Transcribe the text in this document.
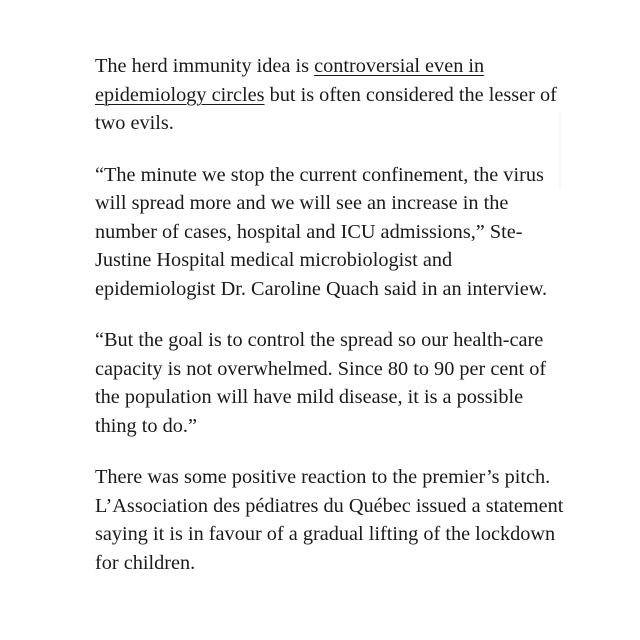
The herd immunity idea is controversial even in epidemiology circles but is often considered the lesser of two evils.

“The minute we stop the current confinement, the virus will spread more and we will see an increase in the number of cases, hospital and ICU admissions,” Ste-Justine Hospital medical microbiologist and epidemiologist Dr. Caroline Quach said in an interview.

“But the goal is to control the spread so our health-care capacity is not overwhelmed. Since 80 to 90 per cent of the population will have mild disease, it is a possible thing to do.”

There was some positive reaction to the premier’s pitch. L’Association des pédiatres du Québec issued a statement saying it is in favour of a gradual lifting of the lockdown for children.
